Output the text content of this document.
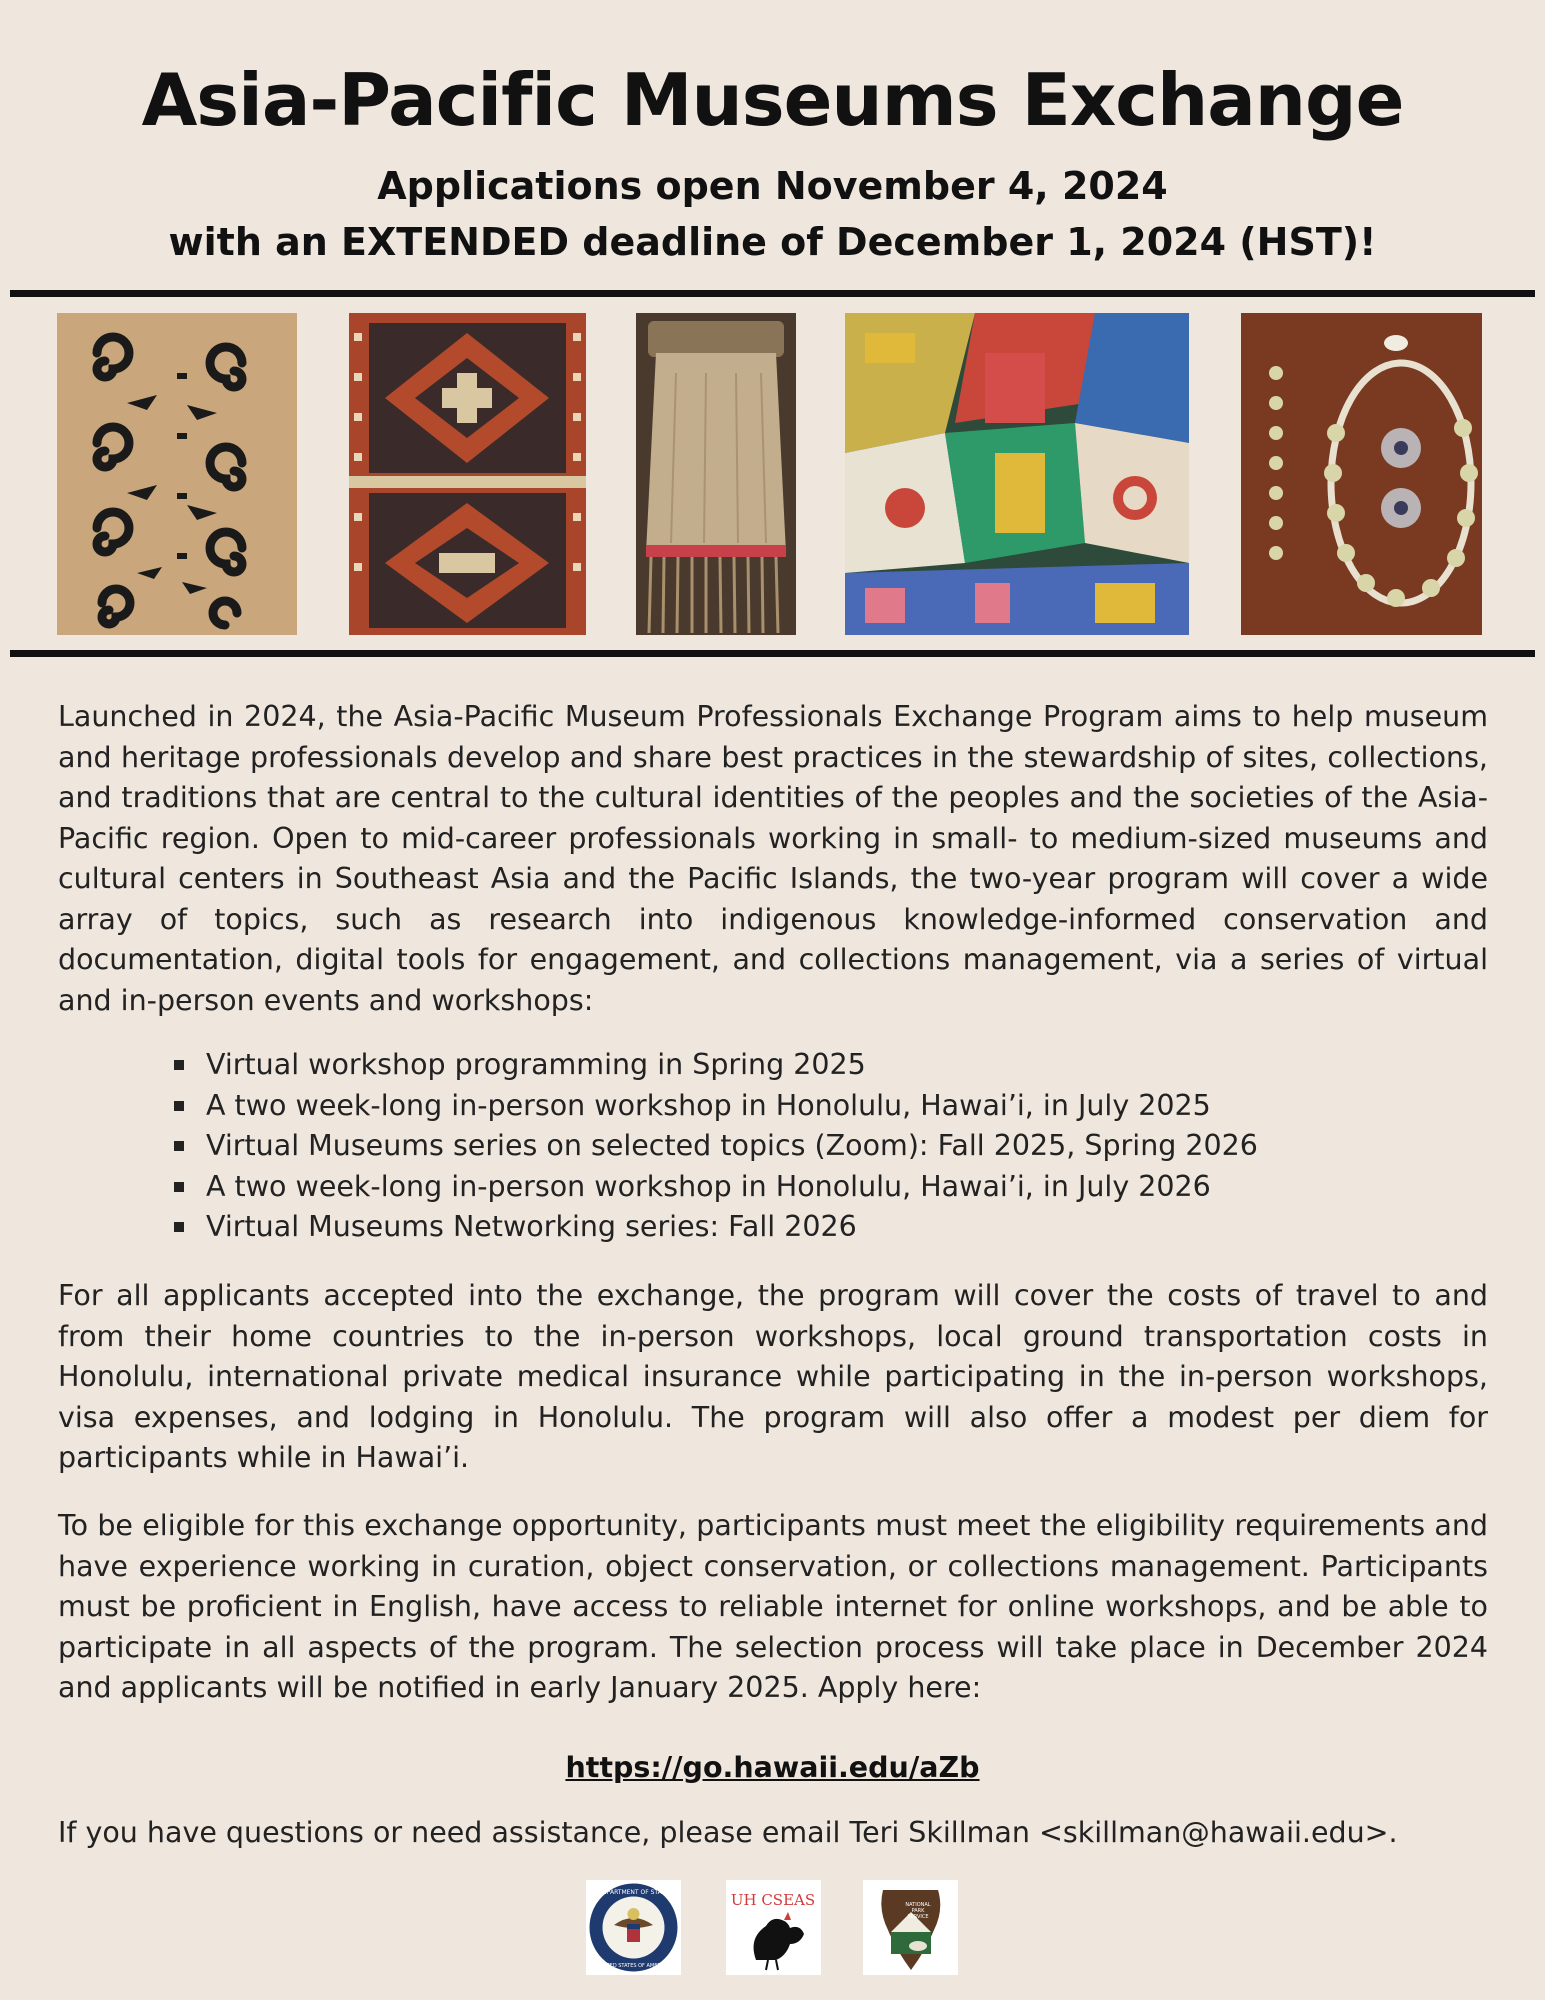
Asia-Pacific Museums Exchange
Applications open November 4, 2024
with an EXTENDED deadline of December 1, 2024 (HST)!
Launched in 2024, the Asia-Pacific Museum Professionals Exchange Program aims to help museum and heritage professionals develop and share best practices in the stewardship of sites, collections, and traditions that are central to the cultural identities of the peoples and the societies of the Asia-Pacific region. Open to mid-career professionals working in small- to medium-sized museums and cultural centers in Southeast Asia and the Pacific Islands, the two-year program will cover a wide array of topics, such as research into indigenous knowledge-informed conservation and documentation, digital tools for engagement, and collections management, via a series of virtual and in-person events and workshops:
Virtual workshop programming in Spring 2025
A two week-long in-person workshop in Honolulu, Hawai’i, in July 2025
Virtual Museums series on selected topics (Zoom): Fall 2025, Spring 2026
A two week-long in-person workshop in Honolulu, Hawai’i, in July 2026
Virtual Museums Networking series: Fall 2026
For all applicants accepted into the exchange, the program will cover the costs of travel to and from their home countries to the in-person workshops, local ground transportation costs in Honolulu, international private medical insurance while participating in the in-person workshops, visa expenses, and lodging in Honolulu. The program will also offer a modest per diem for participants while in Hawai’i.
To be eligible for this exchange opportunity, participants must meet the eligibility requirements and have experience working in curation, object conservation, or collections management. Participants must be proficient in English, have access to reliable internet for online workshops, and be able to participate in all aspects of the program. The selection process will take place in December 2024 and applicants will be notified in early January 2025. Apply here:
https://go.hawaii.edu/aZb
If you have questions or need assistance, please email Teri Skillman <skillman@hawaii.edu>.
DEPARTMENT OF STATE
UNITED STATES OF AMERICA
UH CSEAS	NATIONAL
PARK
SERVICE
